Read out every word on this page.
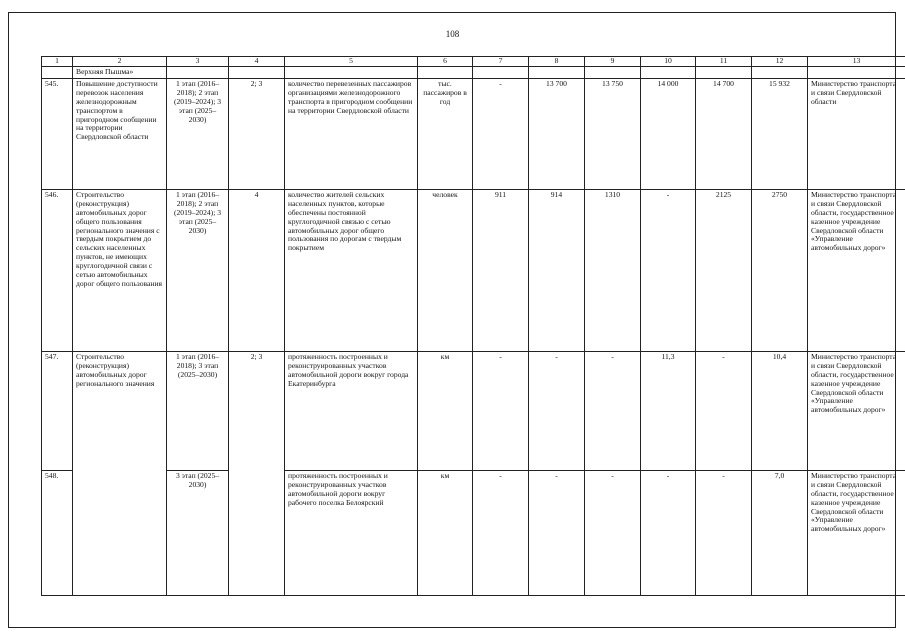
108
1	2	3	4	5	6	7	8	9	10	11	12	13
	Верхняя Пышма»											
545.	Повышение доступности перевозок населения железнодорожным транспортом в пригородном сообщении на территории Свердловской области	1 этап (2016–2018); 2 этап (2019–2024); 3 этап (2025–2030)	2; 3	количество перевезенных пассажиров организациями железнодорожного транспорта в пригородном сообщении на территории Свердловской области	тыс. пассажиров в год	-	13 700	13 750	14 000	14 700	15 932	Министерство транспорта и связи Свердловской области
546.	Строительство (реконструкция) автомобильных дорог общего пользования регионального значения с твердым покрытием до сельских населенных пунктов, не имеющих круглогодичной связи с сетью автомобильных дорог общего пользования	1 этап (2016–2018); 2 этап (2019–2024); 3 этап (2025–2030)	4	количество жителей сельских населенных пунктов, которые обеспечены постоянной круглогодичной связью с сетью автомобильных дорог общего пользования по дорогам с твердым покрытием	человек	911	914	1310	-	2125	2750	Министерство транспорта и связи Свердловской области, государственное казенное учреждение Свердловской области «Управление автомобильных дорог»
547.	Строительство (реконструкция) автомобильных дорог регионального значения	1 этап (2016–2018); 3 этап (2025–2030)	2; 3	протяженность построенных и реконструированных участков автомобильной дороги вокруг города Екатеринбурга	км	-	-	-	11,3	-	10,4	Министерство транспорта и связи Свердловской области, государственное казенное учреждение Свердловской области «Управление автомобильных дорог»
548.		3 этап (2025–2030)		протяженность построенных и реконструированных участков автомобильной дороги вокруг рабочего поселка Белоярский	км	-	-	-	-	-	7,0	Министерство транспорта и связи Свердловской области, государственное казенное учреждение Свердловской области «Управление автомобильных дорог»
